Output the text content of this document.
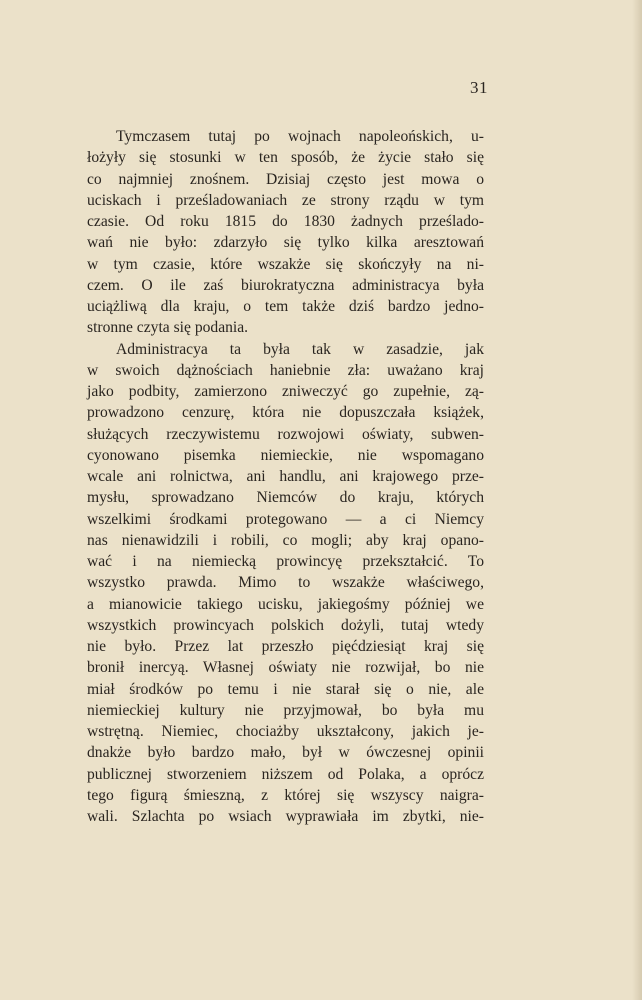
31
Tymczasem tutaj po wojnach napoleońskich, u-
łożyły się stosunki w ten sposób, że życie stało się
co najmniej znośnem. Dzisiaj często jest mowa o
uciskach i prześladowaniach ze strony rządu w tym
czasie. Od roku 1815 do 1830 żadnych prześlado-
wań nie było: zdarzyło się tylko kilka aresztowań
w tym czasie, które wszakże się skończyły na ni-
czem. O ile zaś biurokratyczna administracya była
uciążliwą dla kraju, o tem także dziś bardzo jedno-
stronne czyta się podania.
Administracya ta była tak w zasadzie, jak
w swoich dążnościach haniebnie zła: uważano kraj
jako podbity, zamierzono zniweczyć go zupełnie, zą-
prowadzono cenzurę, która nie dopuszczała książek,
służących rzeczywistemu rozwojowi oświaty, subwen-
cyonowano pisemka niemieckie, nie wspomagano
wcale ani rolnictwa, ani handlu, ani krajowego prze-
mysłu, sprowadzano Niemców do kraju, których
wszelkimi środkami protegowano — a ci Niemcy
nas nienawidzili i robili, co mogli; aby kraj opano-
wać i na niemiecką prowincyę przekształcić. To
wszystko prawda. Mimo to wszakże właściwego,
a mianowicie takiego ucisku, jakiegośmy później we
wszystkich prowincyach polskich dożyli, tutaj wtedy
nie było. Przez lat przeszło pięćdziesiąt kraj się
bronił inercyą. Własnej oświaty nie rozwijał, bo nie
miał środków po temu i nie starał się o nie, ale
niemieckiej kultury nie przyjmował, bo była mu
wstrętną. Niemiec, chociażby ukształcony, jakich je-
dnakże było bardzo mało, był w ówczesnej opinii
publicznej stworzeniem niższem od Polaka, a oprócz
tego figurą śmieszną, z której się wszyscy naigra-
wali. Szlachta po wsiach wyprawiała im zbytki, nie-
